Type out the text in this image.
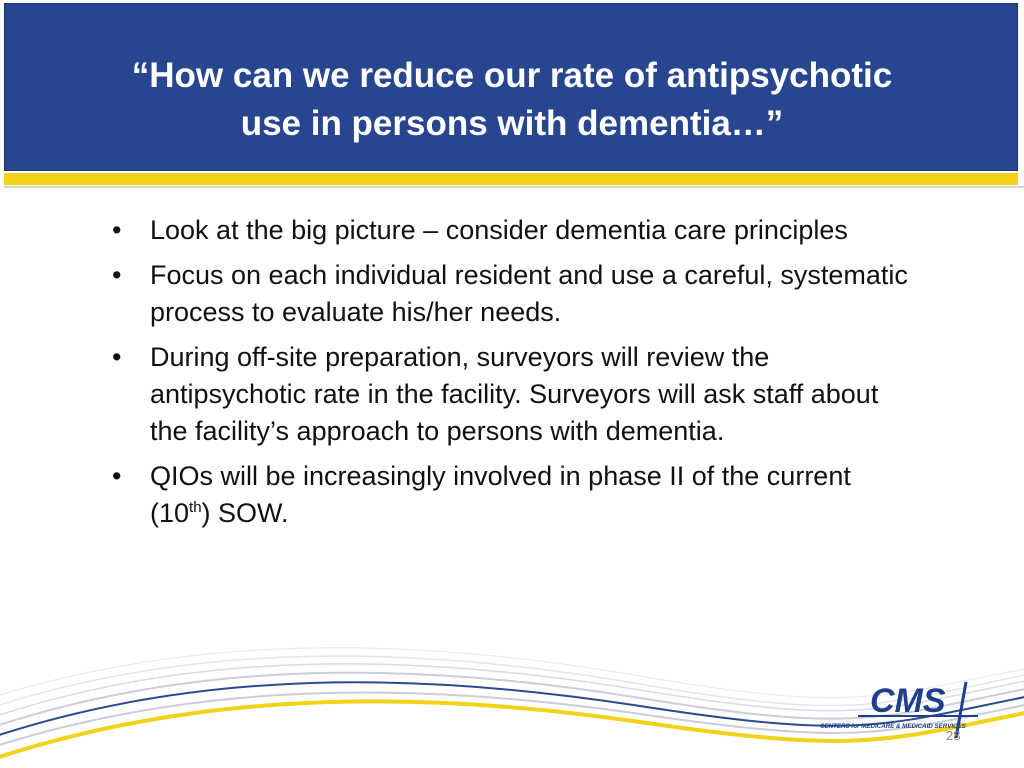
“How can we reduce our rate of antipsychotic
use in persons with dementia…”
• Look at the big picture – consider dementia care principles
• Focus on each individual resident and use a careful, systematic process to evaluate his/her needs.
• During off-site preparation, surveyors will review the antipsychotic rate in the facility. Surveyors will ask staff about the facility’s approach to persons with dementia.
• QIOs will be increasingly involved in phase II of the current (10th) SOW.
CMS
CENTERS for MEDICARE & MEDICAID SERVICES
28
